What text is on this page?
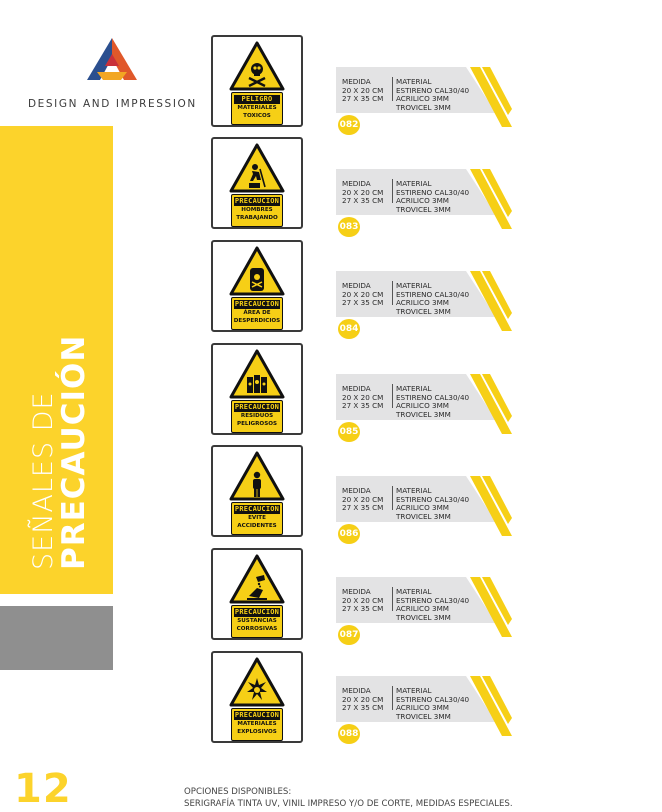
DESIGN AND IMPRESSION
SEÑALES DE
PRECAUCIÓN
PELIGRO
MATERIALES
TOXICOS
MEDIDA
20 X 20 CM
27 X 35 CM
MATERIAL
ESTIRENO CAL30/40
ACRILICO 3MM
TROVICEL 3MM
082
PRECAUCION
HOMBRES
TRABAJANDO
MEDIDA
20 X 20 CM
27 X 35 CM
MATERIAL
ESTIRENO CAL30/40
ACRILICO 3MM
TROVICEL 3MM
083
PRECAUCION
ÁREA DE
DESPERDICIOS
MEDIDA
20 X 20 CM
27 X 35 CM
MATERIAL
ESTIRENO CAL30/40
ACRILICO 3MM
TROVICEL 3MM
084
PRECAUCION
RESIDUOS
PELIGROSOS
MEDIDA
20 X 20 CM
27 X 35 CM
MATERIAL
ESTIRENO CAL30/40
ACRILICO 3MM
TROVICEL 3MM
085
PRECAUCION
EVITE
ACCIDENTES
MEDIDA
20 X 20 CM
27 X 35 CM
MATERIAL
ESTIRENO CAL30/40
ACRILICO 3MM
TROVICEL 3MM
086
PRECAUCION
SUSTANCIAS
CORROSIVAS
MEDIDA
20 X 20 CM
27 X 35 CM
MATERIAL
ESTIRENO CAL30/40
ACRILICO 3MM
TROVICEL 3MM
087
PRECAUCION
MATERIALES
EXPLOSIVOS
MEDIDA
20 X 20 CM
27 X 35 CM
MATERIAL
ESTIRENO CAL30/40
ACRILICO 3MM
TROVICEL 3MM
088
12	OPCIONES DISPONIBLES:
SERIGRAFÍA TINTA UV, VINIL IMPRESO Y/O DE CORTE, MEDIDAS ESPECIALES.
